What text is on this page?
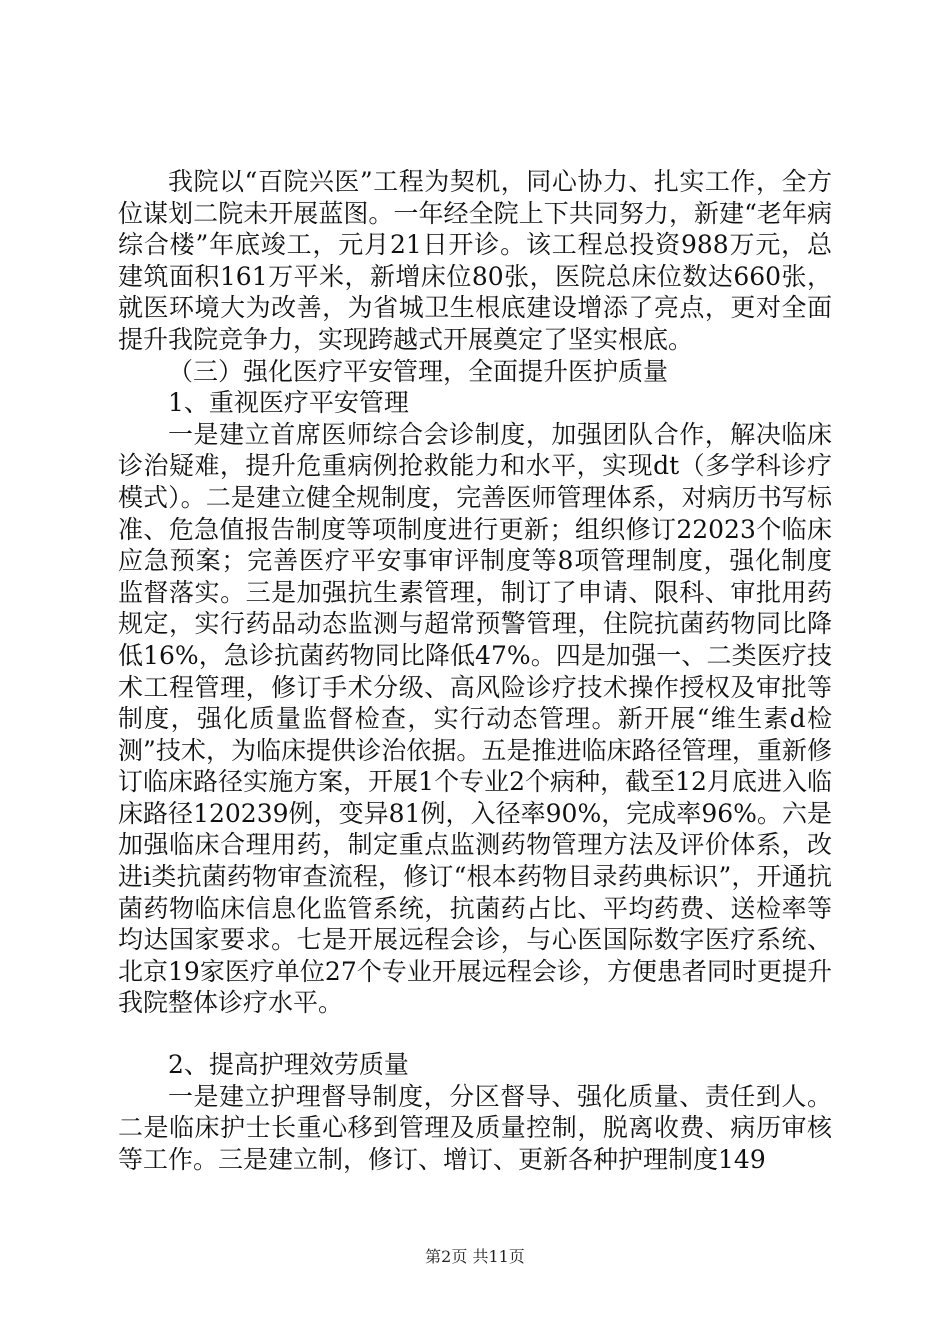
我院以“百院兴医”工程为契机，同心协力、扎实工作，全方位谋划二院未开展蓝图。一年经全院上下共同努力，新建“老年病综合楼”年底竣工，元月21日开诊。该工程总投资988万元，总建筑面积161万平米，新增床位80张，医院总床位数达660张，就医环境大为改善，为省城卫生根底建设增添了亮点，更对全面提升我院竞争力，实现跨越式开展奠定了坚实根底。

（三）强化医疗平安管理，全面提升医护质量

1、重视医疗平安管理

一是建立首席医师综合会诊制度，加强团队合作，解决临床诊治疑难，提升危重病例抢救能力和水平，实现dt（多学科诊疗模式）。二是建立健全规制度，完善医师管理体系，对病历书写标准、危急值报告制度等项制度进行更新；组织修订22023个临床应急预案；完善医疗平安事审评制度等8项管理制度，强化制度监督落实。三是加强抗生素管理，制订了申请、限科、审批用药规定，实行药品动态监测与超常预警管理，住院抗菌药物同比降低16%，急诊抗菌药物同比降低47%。四是加强一、二类医疗技术工程管理，修订手术分级、高风险诊疗技术操作授权及审批等制度，强化质量监督检查，实行动态管理。新开展“维生素d检测”技术，为临床提供诊治依据。五是推进临床路径管理，重新修订临床路径实施方案，开展1个专业2个病种，截至12月底进入临床路径120239例，变异81例，入径率90%，完成率96%。六是加强临床合理用药，制定重点监测药物管理方法及评价体系，改进i类抗菌药物审查流程，修订“根本药物目录药典标识”，开通抗菌药物临床信息化监管系统，抗菌药占比、平均药费、送检率等均达国家要求。七是开展远程会诊，与心医国际数字医疗系统、北京19家医疗单位27个专业开展远程会诊，方便患者同时更提升我院整体诊疗水平。

2、提高护理效劳质量

一是建立护理督导制度，分区督导、强化质量、责任到人。二是临床护士长重心移到管理及质量控制，脱离收费、病历审核等工作。三是建立制，修订、增订、更新各种护理制度149

第2页 共11页
